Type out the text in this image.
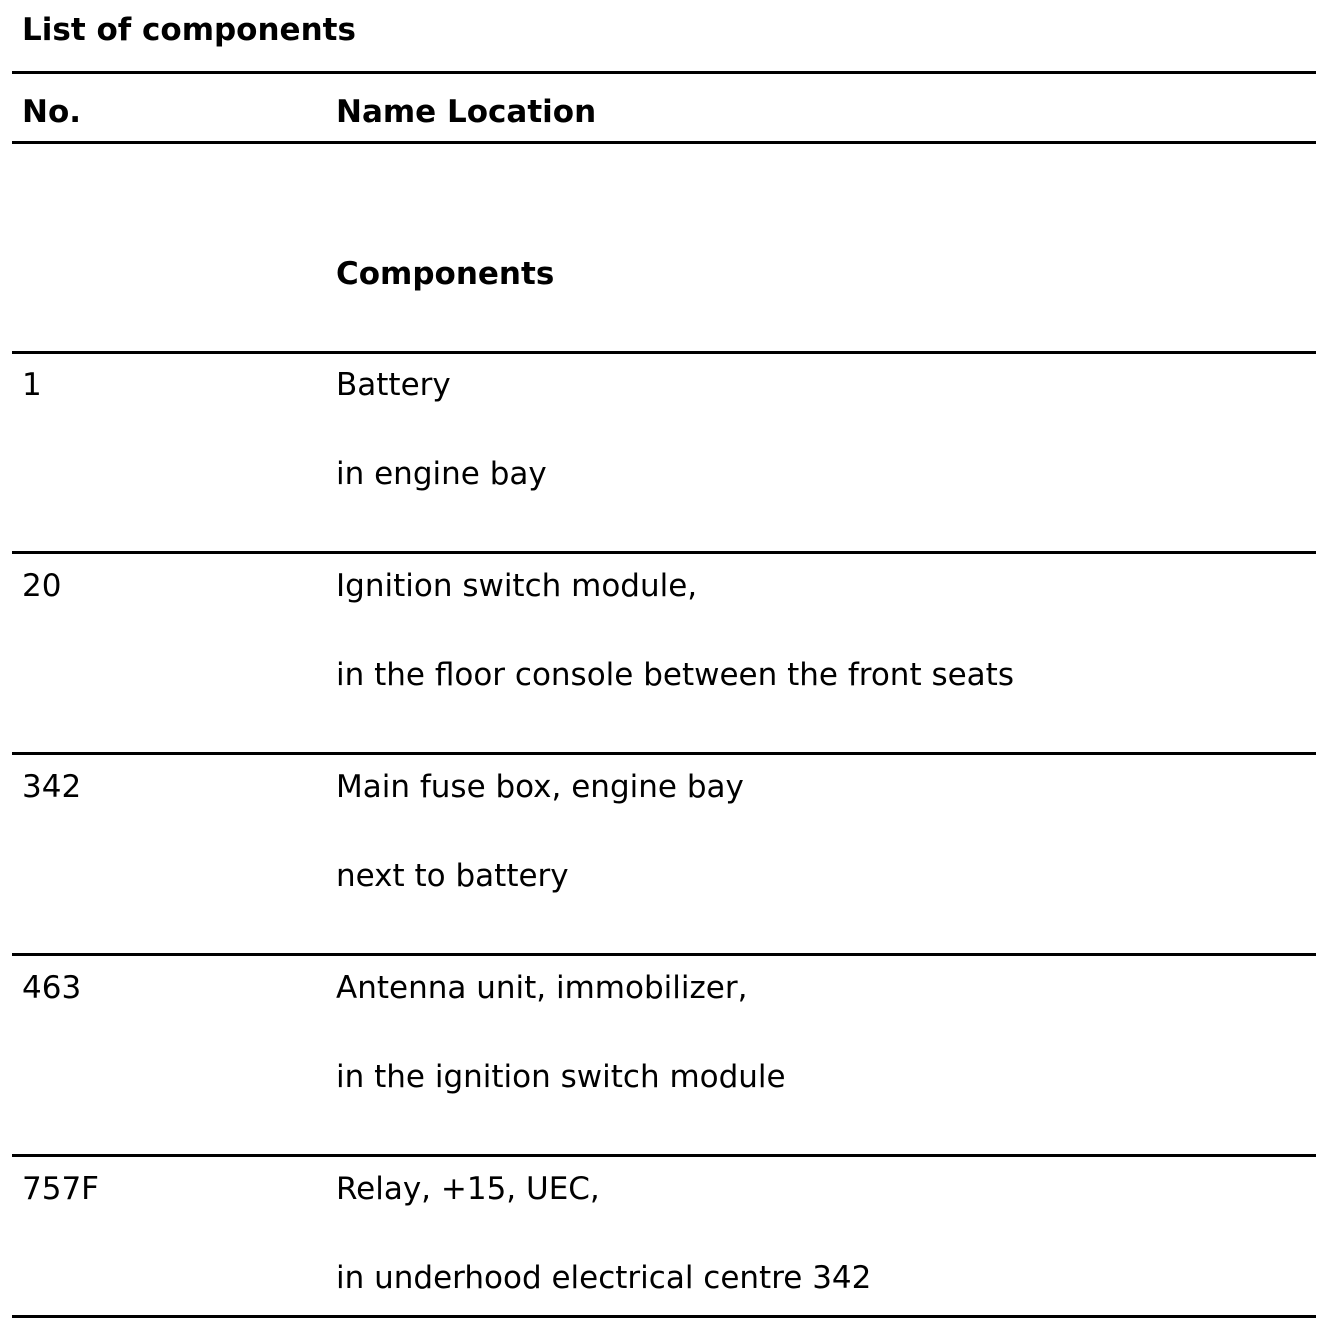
List of components
No.	Name Location
Components
1	Battery
in engine bay
20	Ignition switch module,
in the floor console between the front seats
342	Main fuse box, engine bay
next to battery
463	Antenna unit, immobilizer,
in the ignition switch module
757F	Relay, +15, UEC,
in underhood electrical centre 342
